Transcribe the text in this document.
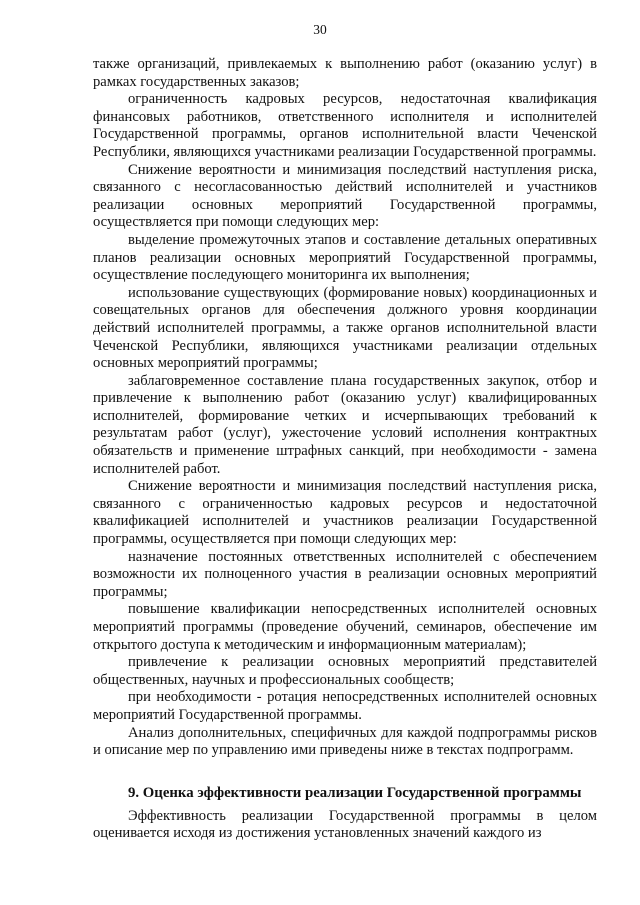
30

также организаций, привлекаемых к выполнению работ (оказанию услуг) в рамках государственных заказов;

ограниченность кадровых ресурсов, недостаточная квалификация финансовых работников, ответственного исполнителя и исполнителей Государственной программы, органов исполнительной власти Чеченской Республики, являющихся участниками реализации Государственной программы.

Снижение вероятности и минимизация последствий наступления риска, связанного с несогласованностью действий исполнителей и участников реализации основных мероприятий Государственной программы, осуществляется при помощи следующих мер:

выделение промежуточных этапов и составление детальных оперативных планов реализации основных мероприятий Государственной программы, осуществление последующего мониторинга их выполнения;

использование существующих (формирование новых) координационных и совещательных органов для обеспечения должного уровня координации действий исполнителей программы, а также органов исполнительной власти Чеченской Республики, являющихся участниками реализации отдельных основных мероприятий программы;

заблаговременное составление плана государственных закупок, отбор и привлечение к выполнению работ (оказанию услуг) квалифицированных исполнителей, формирование четких и исчерпывающих требований к результатам работ (услуг), ужесточение условий исполнения контрактных обязательств и применение штрафных санкций, при необходимости - замена исполнителей работ.

Снижение вероятности и минимизация последствий наступления риска, связанного с ограниченностью кадровых ресурсов и недостаточной квалификацией исполнителей и участников реализации Государственной программы, осуществляется при помощи следующих мер:

назначение постоянных ответственных исполнителей с обеспечением возможности их полноценного участия в реализации основных мероприятий программы;

повышение квалификации непосредственных исполнителей основных мероприятий программы (проведение обучений, семинаров, обеспечение им открытого доступа к методическим и информационным материалам);

привлечение к реализации основных мероприятий представителей общественных, научных и профессиональных сообществ;

при необходимости - ротация непосредственных исполнителей основных мероприятий Государственной программы.

Анализ дополнительных, специфичных для каждой подпрограммы рисков и описание мер по управлению ими приведены ниже в текстах подпрограмм.

9. Оценка эффективности реализации Государственной программы

Эффективность реализации Государственной программы в целом оценивается исходя из достижения установленных значений каждого из
